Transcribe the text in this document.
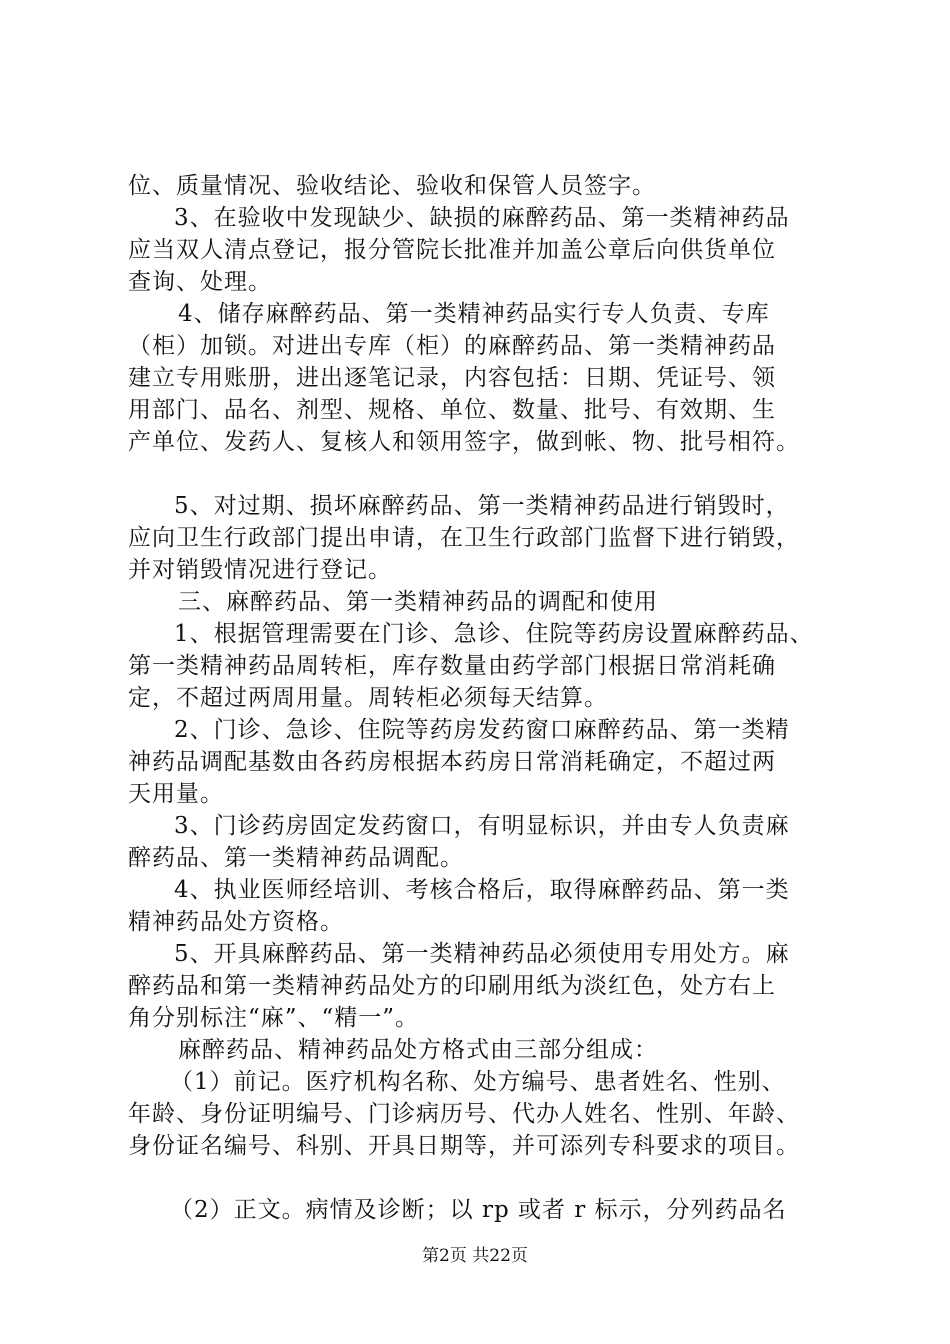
位、质量情况、验收结论、验收和保管人员签字。
3、在验收中发现缺少、缺损的麻醉药品、第一类精神药品
应当双人清点登记，报分管院长批准并加盖公章后向供货单位
查询、处理。
4、储存麻醉药品、第一类精神药品实行专人负责、专库
（柜）加锁。对进出专库（柜）的麻醉药品、第一类精神药品
建立专用账册，进出逐笔记录，内容包括：日期、凭证号、领
用部门、品名、剂型、规格、单位、数量、批号、有效期、生
产单位、发药人、复核人和领用签字，做到帐、物、批号相符。
5、对过期、损坏麻醉药品、第一类精神药品进行销毁时，
应向卫生行政部门提出申请，在卫生行政部门监督下进行销毁，
并对销毁情况进行登记。
三、麻醉药品、第一类精神药品的调配和使用
1、根据管理需要在门诊、急诊、住院等药房设置麻醉药品、
第一类精神药品周转柜，库存数量由药学部门根据日常消耗确
定，不超过两周用量。周转柜必须每天结算。
2、门诊、急诊、住院等药房发药窗口麻醉药品、第一类精
神药品调配基数由各药房根据本药房日常消耗确定，不超过两
天用量。
3、门诊药房固定发药窗口，有明显标识，并由专人负责麻
醉药品、第一类精神药品调配。
4、执业医师经培训、考核合格后，取得麻醉药品、第一类
精神药品处方资格。
5、开具麻醉药品、第一类精神药品必须使用专用处方。麻
醉药品和第一类精神药品处方的印刷用纸为淡红色，处方右上
角分别标注“麻”、“精一”。
麻醉药品、精神药品处方格式由三部分组成：
（1）前记。医疗机构名称、处方编号、患者姓名、性别、
年龄、身份证明编号、门诊病历号、代办人姓名、性别、年龄、
身份证名编号、科别、开具日期等，并可添列专科要求的项目。
（2）正文。病情及诊断；以 rp 或者 r 标示，分列药品名
第2页 共22页
